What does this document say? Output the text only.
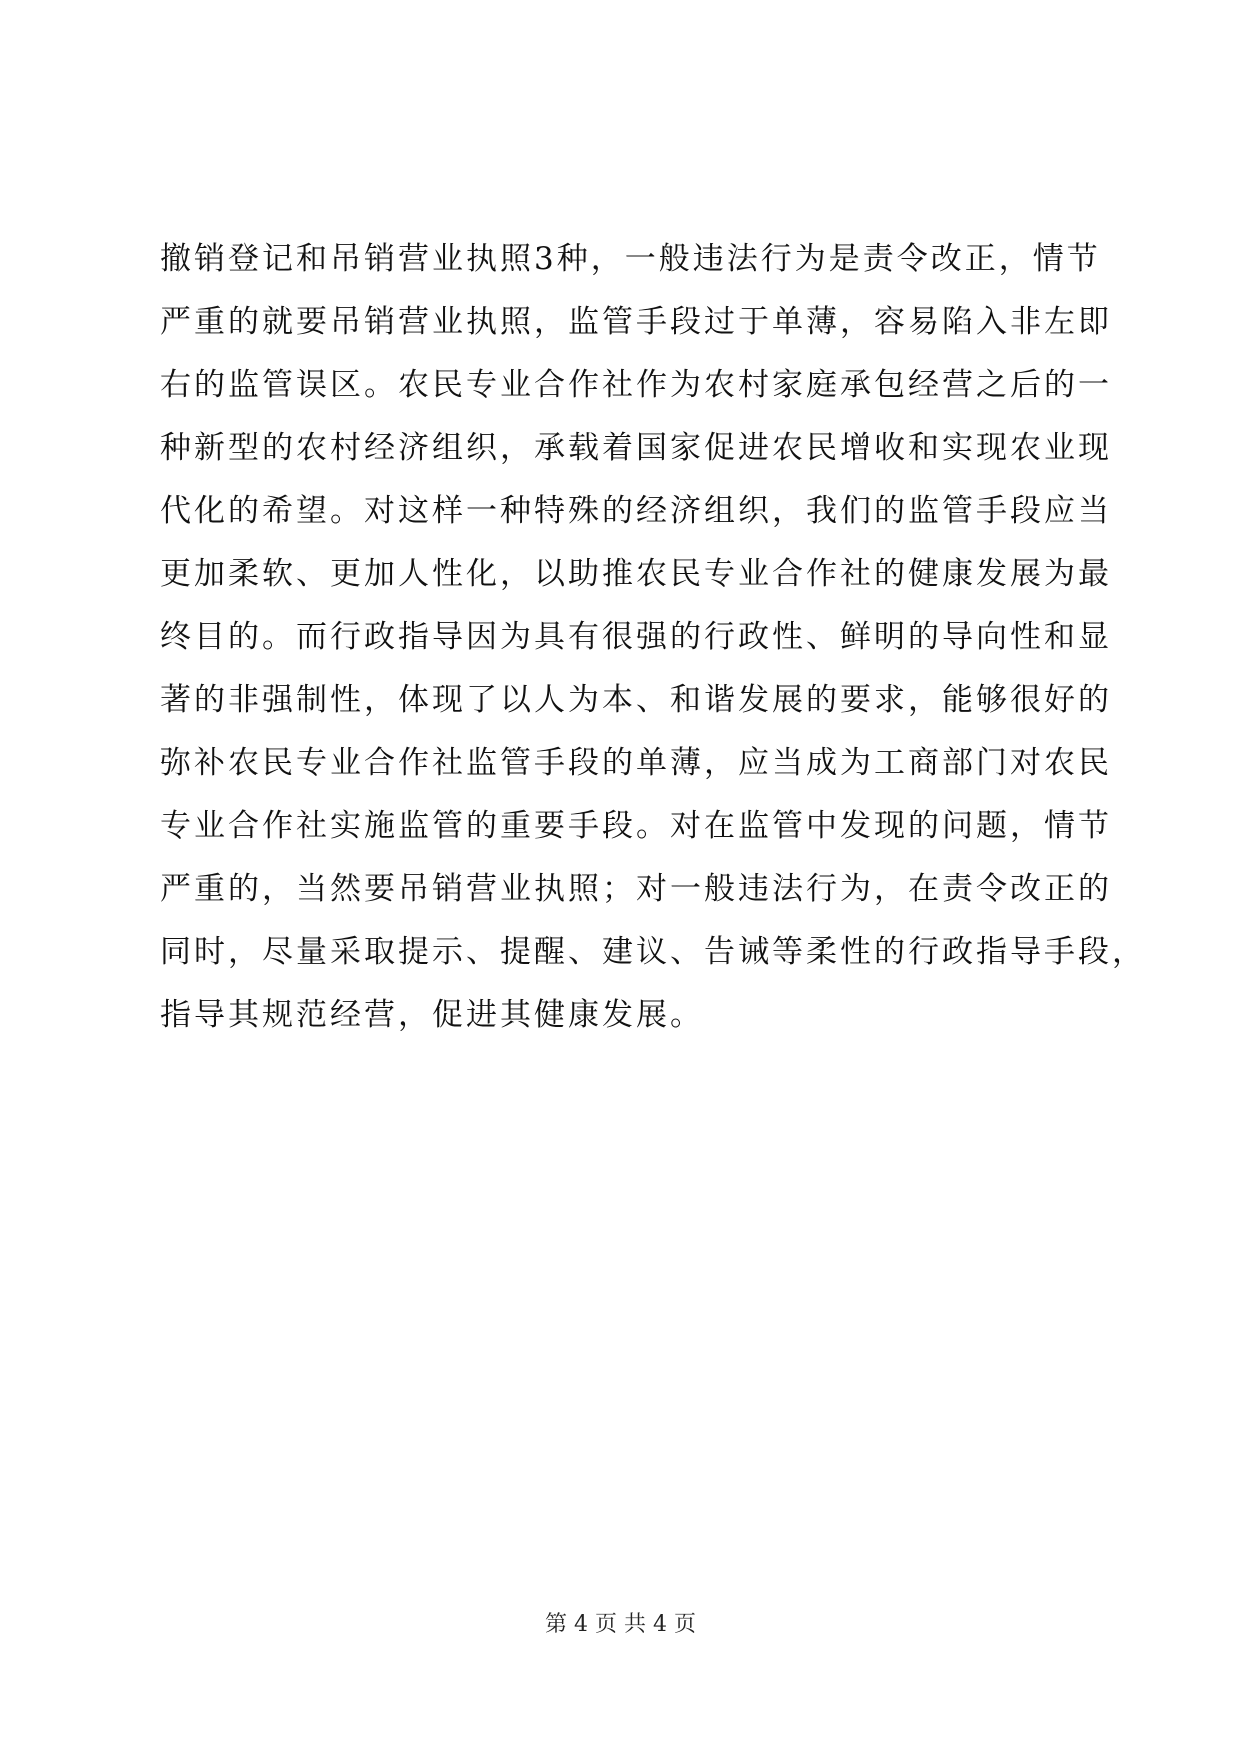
撤销登记和吊销营业执照3种，一般违法行为是责令改正，情节
严重的就要吊销营业执照，监管手段过于单薄，容易陷入非左即
右的监管误区。农民专业合作社作为农村家庭承包经营之后的一
种新型的农村经济组织，承载着国家促进农民增收和实现农业现
代化的希望。对这样一种特殊的经济组织，我们的监管手段应当
更加柔软、更加人性化，以助推农民专业合作社的健康发展为最
终目的。而行政指导因为具有很强的行政性、鲜明的导向性和显
著的非强制性，体现了以人为本、和谐发展的要求，能够很好的
弥补农民专业合作社监管手段的单薄，应当成为工商部门对农民
专业合作社实施监管的重要手段。对在监管中发现的问题，情节
严重的，当然要吊销营业执照；对一般违法行为，在责令改正的
同时，尽量采取提示、提醒、建议、告诫等柔性的行政指导手段，
指导其规范经营，促进其健康发展。
第 4 页 共 4 页
